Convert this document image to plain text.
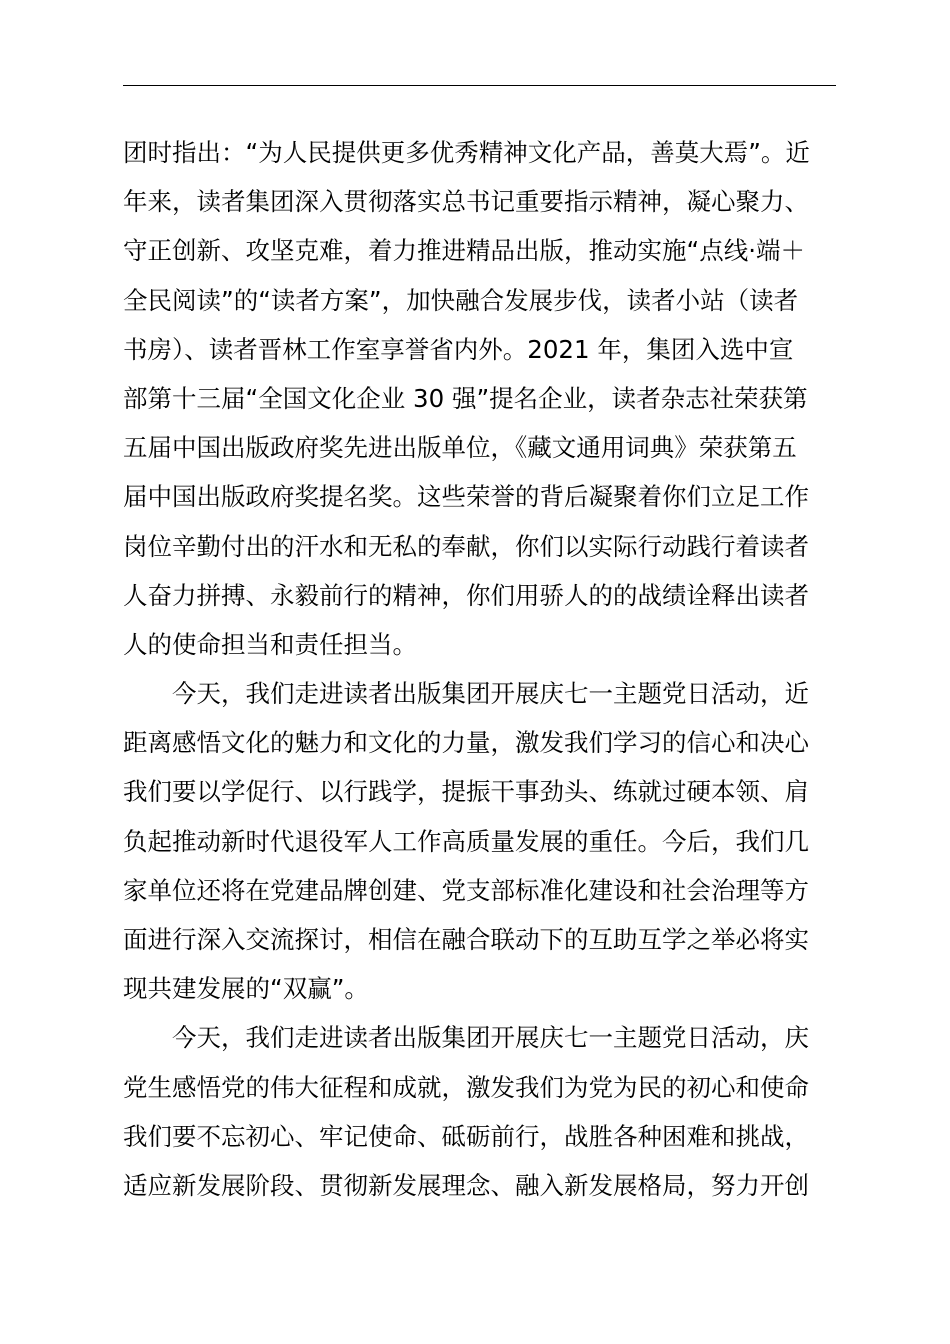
团时指出：“为人民提供更多优秀精神文化产品，善莫大焉”。近
年来，读者集团深入贯彻落实总书记重要指示精神，凝心聚力、
守正创新、攻坚克难，着力推进精品出版，推动实施“点线·端＋
全民阅读”的“读者方案”，加快融合发展步伐，读者小站（读者
书房）、读者晋林工作室享誉省内外。2021 年，集团入选中宣
部第十三届“全国文化企业 30 强”提名企业，读者杂志社荣获第
五届中国出版政府奖先进出版单位，《藏文通用词典》荣获第五
届中国出版政府奖提名奖。这些荣誉的背后凝聚着你们立足工作
岗位辛勤付出的汗水和无私的奉献，你们以实际行动践行着读者
人奋力拼搏、永毅前行的精神，你们用骄人的的战绩诠释出读者
人的使命担当和责任担当。
今天，我们走进读者出版集团开展庆七一主题党日活动，近
距离感悟文化的魅力和文化的力量，激发我们学习的信心和决心
我们要以学促行、以行践学，提振干事劲头、练就过硬本领、肩
负起推动新时代退役军人工作高质量发展的重任。今后，我们几
家单位还将在党建品牌创建、党支部标准化建设和社会治理等方
面进行深入交流探讨，相信在融合联动下的互助互学之举必将实
现共建发展的“双赢”。
今天，我们走进读者出版集团开展庆七一主题党日活动，庆
党生感悟党的伟大征程和成就，激发我们为党为民的初心和使命
我们要不忘初心、牢记使命、砥砺前行，战胜各种困难和挑战，
适应新发展阶段、贯彻新发展理念、融入新发展格局，努力开创
